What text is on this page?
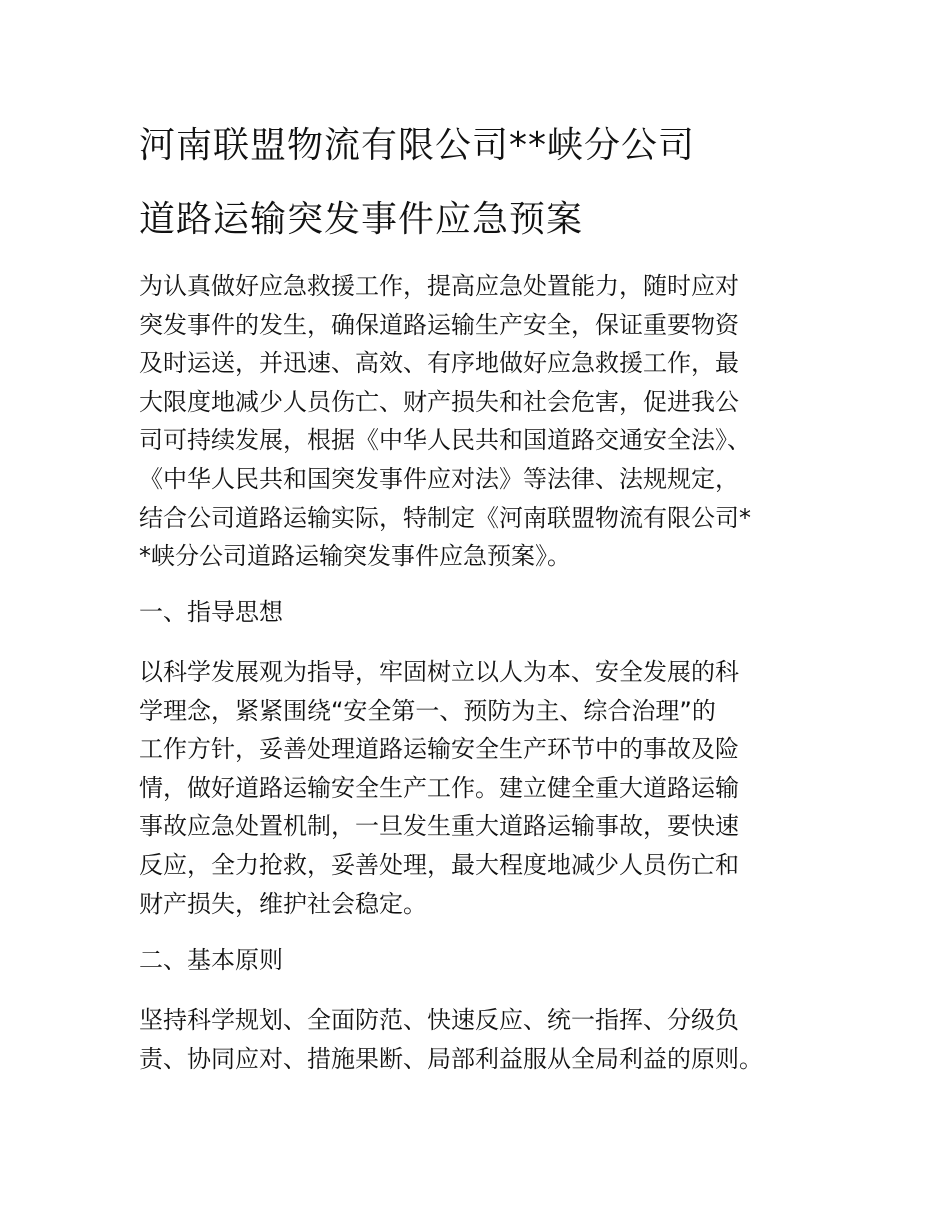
河南联盟物流有限公司**峡分公司
道路运输突发事件应急预案

为认真做好应急救援工作，提高应急处置能力，随时应对
突发事件的发生，确保道路运输生产安全，保证重要物资
及时运送，并迅速、高效、有序地做好应急救援工作，最
大限度地减少人员伤亡、财产损失和社会危害，促进我公
司可持续发展，根据《中华人民共和国道路交通安全法》、
《中华人民共和国突发事件应对法》等法律、法规规定，
结合公司道路运输实际，特制定《河南联盟物流有限公司*
*峡分公司道路运输突发事件应急预案》。

一、指导思想

以科学发展观为指导，牢固树立以人为本、安全发展的科
学理念，紧紧围绕“安全第一、预防为主、综合治理”的
工作方针，妥善处理道路运输安全生产环节中的事故及险
情，做好道路运输安全生产工作。建立健全重大道路运输
事故应急处置机制，一旦发生重大道路运输事故，要快速
反应，全力抢救，妥善处理，最大程度地减少人员伤亡和
财产损失，维护社会稳定。

二、基本原则

坚持科学规划、全面防范、快速反应、统一指挥、分级负
责、协同应对、措施果断、局部利益服从全局利益的原则。
